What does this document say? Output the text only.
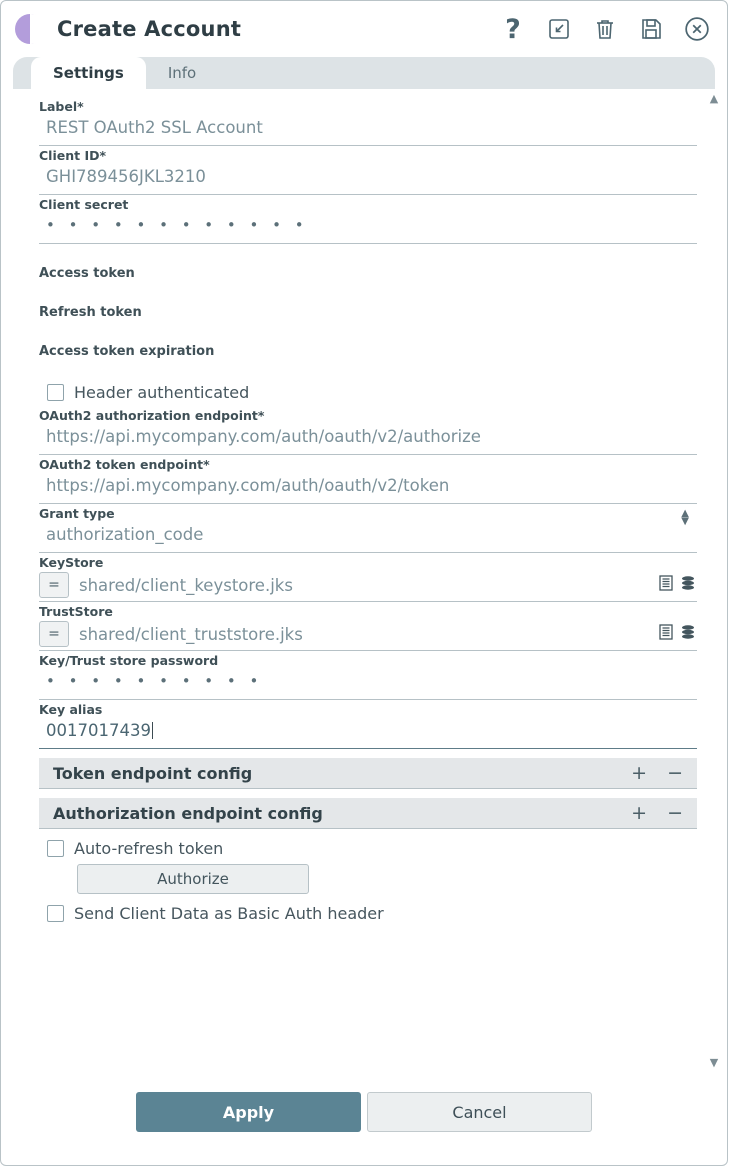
Create Account	?
Settings	Info
▲
▼
Label*
REST OAuth2 SSL Account
Client ID*
GHI789456JKL3210
Client secret
• • • • • • • • • • • •
Access token
Refresh token
Access token expiration
Header authenticated
OAuth2 authorization endpoint*
https://api.mycompany.com/auth/oauth/v2/authorize
OAuth2 token endpoint*
https://api.mycompany.com/auth/oauth/v2/token
Grant type
authorization_code
▲
▼
KeyStore
=	shared/client_keystore.jks
TrustStore
=	shared/client_truststore.jks
Key/Trust store password
• • • • • • • • • •
Key alias
0017017439
Token endpoint config	+ −
Authorization endpoint config	+ −
Auto-refresh token
Authorize
Send Client Data as Basic Auth header
Apply	Cancel
